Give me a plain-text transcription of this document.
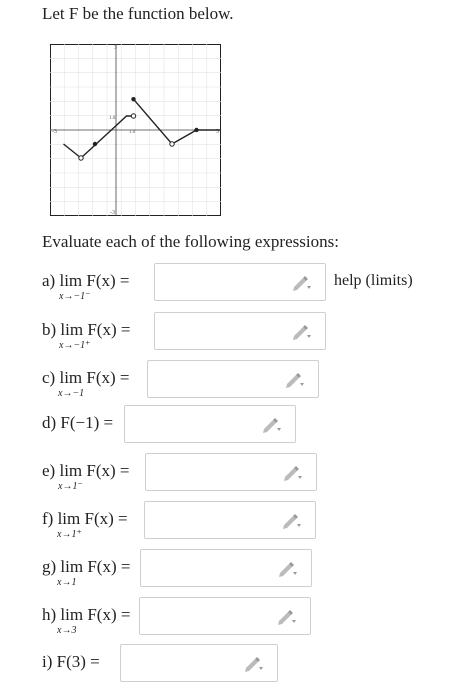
Let F be the function below.
-3	3
3
-3
1.0
1.0
Evaluate each of the following expressions:
a) lim F(x) =
x→−1⁻
b) lim F(x) =
x→−1⁺
c) lim F(x) =
x→−1
d) F(−1) =
e) lim F(x) =
x→1⁻
f) lim F(x) =
x→1⁺
g) lim F(x) =
x→1
h) lim F(x) =
x→3
i) F(3) =
help (limits)
